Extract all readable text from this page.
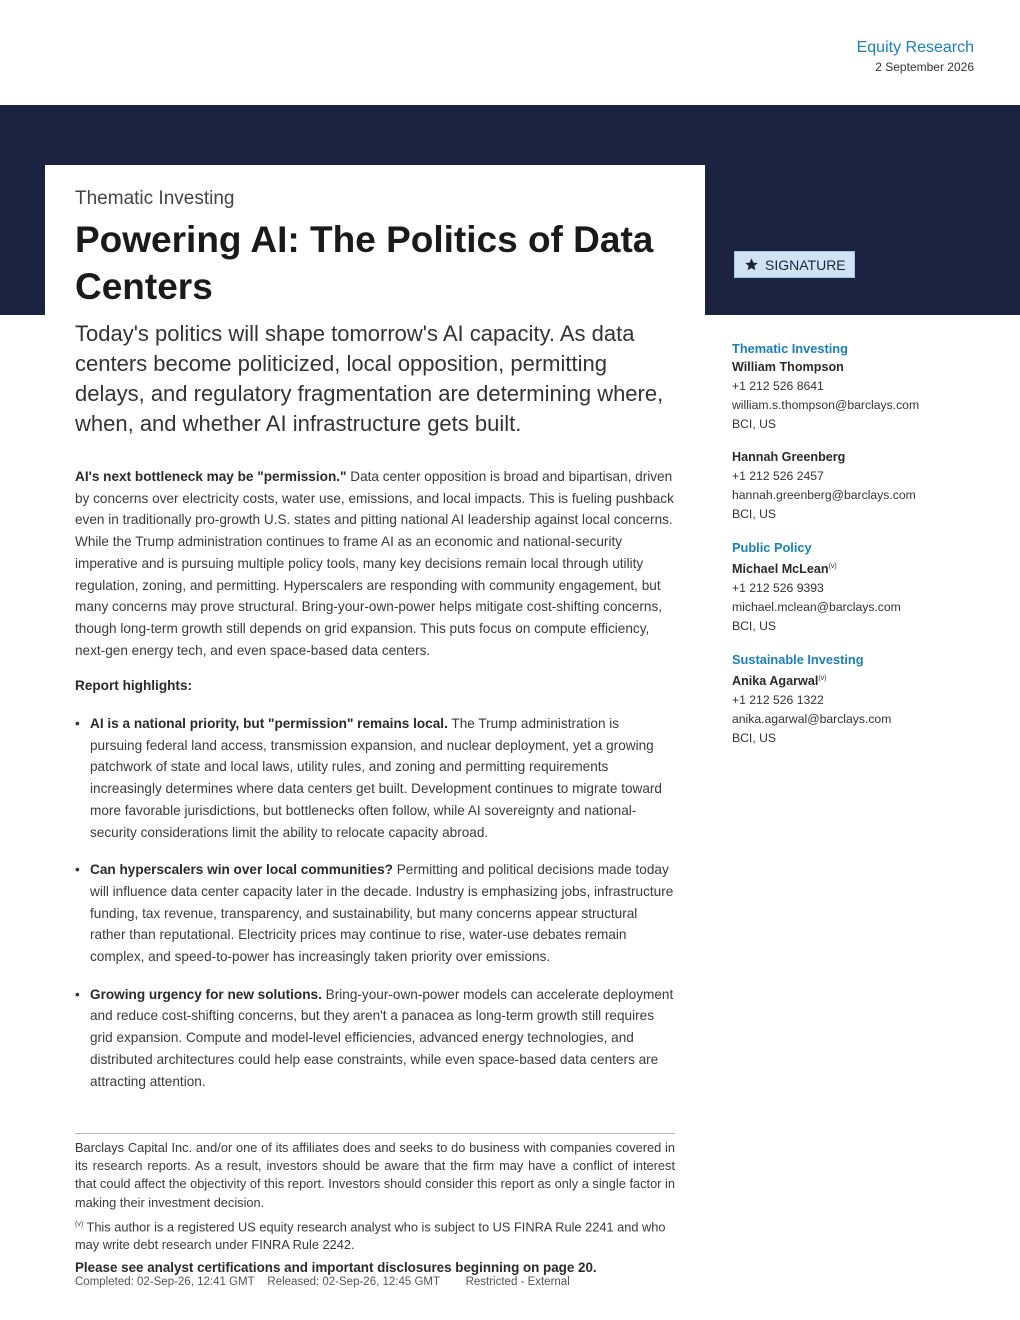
Equity Research
2 September 2026
Thematic Investing
Powering AI: The Politics of Data Centers
SIGNATURE

Today's politics will shape tomorrow's AI capacity. As data centers become politicized, local opposition, permitting delays, and regulatory fragmentation are determining where, when, and whether AI infrastructure gets built.

AI's next bottleneck may be "permission." Data center opposition is broad and bipartisan, driven by concerns over electricity costs, water use, emissions, and local impacts. This is fueling pushback even in traditionally pro-growth U.S. states and pitting national AI leadership against local concerns. While the Trump administration continues to frame AI as an economic and national-security imperative and is pursuing multiple policy tools, many key decisions remain local through utility regulation, zoning, and permitting. Hyperscalers are responding with community engagement, but many concerns may prove structural. Bring-your-own-power helps mitigate cost-shifting concerns, though long-term growth still depends on grid expansion. This puts focus on compute efficiency, next-gen energy tech, and even space-based data centers.

Report highlights:

• AI is a national priority, but "permission" remains local. The Trump administration is pursuing federal land access, transmission expansion, and nuclear deployment, yet a growing patchwork of state and local laws, utility rules, and zoning and permitting requirements increasingly determines where data centers get built. Development continues to migrate toward more favorable jurisdictions, but bottlenecks often follow, while AI sovereignty and national-security considerations limit the ability to relocate capacity abroad.
• Can hyperscalers win over local communities? Permitting and political decisions made today will influence data center capacity later in the decade. Industry is emphasizing jobs, infrastructure funding, tax revenue, transparency, and sustainability, but many concerns appear structural rather than reputational. Electricity prices may continue to rise, water-use debates remain complex, and speed-to-power has increasingly taken priority over emissions.
• Growing urgency for new solutions. Bring-your-own-power models can accelerate deployment and reduce cost-shifting concerns, but they aren't a panacea as long-term growth still requires grid expansion. Compute and model-level efficiencies, advanced energy technologies, and distributed architectures could help ease constraints, while even space-based data centers are attracting attention.

Barclays Capital Inc. and/or one of its affiliates does and seeks to do business with companies covered in its research reports. As a result, investors should be aware that the firm may have a conflict of interest that could affect the objectivity of this report. Investors should consider this report as only a single factor in making their investment decision.

$^{(v)}$ This author is a registered US equity research analyst who is subject to US FINRA Rule 2241 and who may write debt research under FINRA Rule 2242.

Please see analyst certifications and important disclosures beginning on page 20.

Completed: 02-Sep-26, 12:41 GMT
Released: 02-Sep-26, 12:45 GMT
Restricted - External
Thematic Investing
William Thompson
+1 212 526 8641
william.s.thompson@barclays.com
BCI, US
Hannah Greenberg
+1 212 526 2457
hannah.greenberg@barclays.com
BCI, US
Public Policy
Michael McLean$^{(v)}$
+1 212 526 9393
michael.mclean@barclays.com
BCI, US
Sustainable Investing
Anika Agarwal$^{(v)}$
+1 212 526 1322
anika.agarwal@barclays.com
BCI, US
